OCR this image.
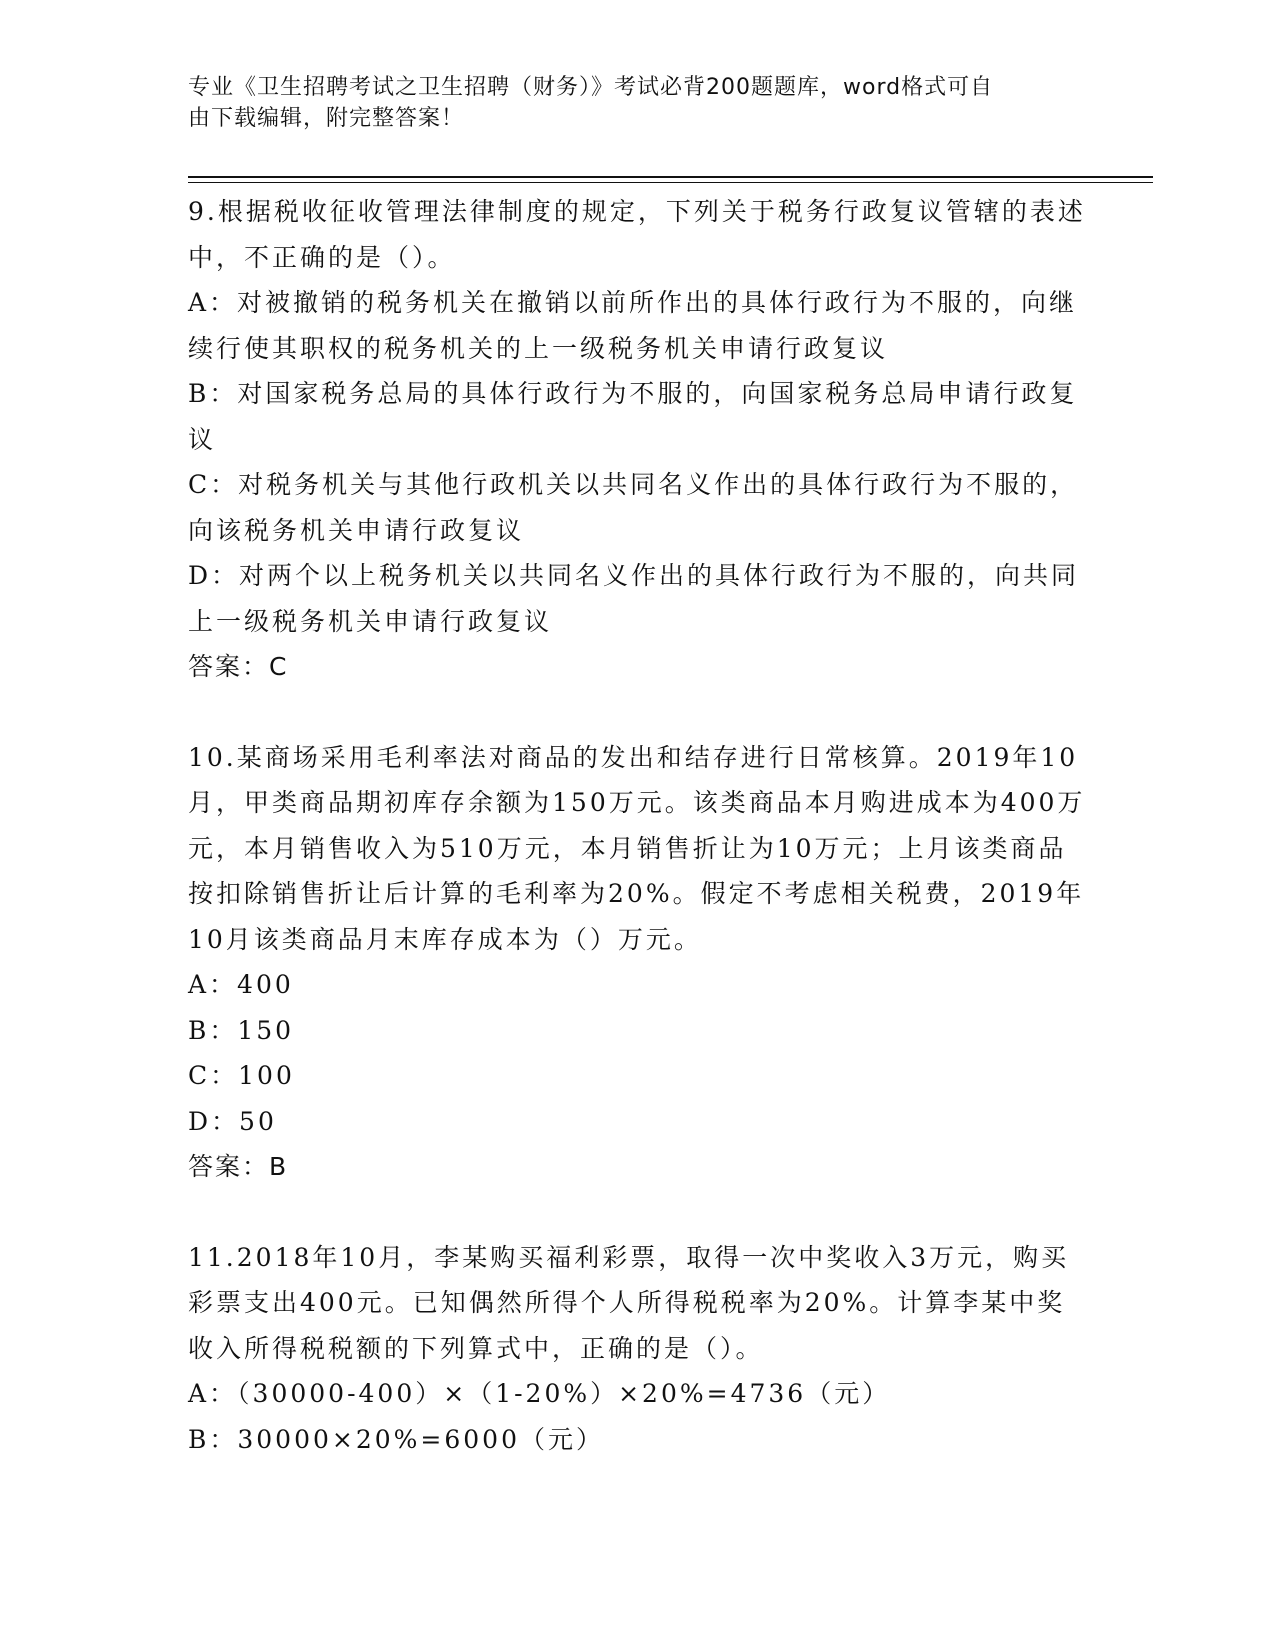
专业《卫生招聘考试之卫生招聘（财务）》考试必背200题题库，word格式可自
由下载编辑，附完整答案！

9.根据税收征收管理法律制度的规定，下列关于税务行政复议管辖的表述中，不正确的是（）。

A：对被撤销的税务机关在撤销以前所作出的具体行政行为不服的，向继续行使其职权的税务机关的上一级税务机关申请行政复议

B：对国家税务总局的具体行政行为不服的，向国家税务总局申请行政复议

C：对税务机关与其他行政机关以共同名义作出的具体行政行为不服的，向该税务机关申请行政复议

D：对两个以上税务机关以共同名义作出的具体行政行为不服的，向共同上一级税务机关申请行政复议

答案：C

10.某商场采用毛利率法对商品的发出和结存进行日常核算。2019年10月，甲类商品期初库存余额为150万元。该类商品本月购进成本为400万元，本月销售收入为510万元，本月销售折让为10万元；上月该类商品按扣除销售折让后计算的毛利率为20%。假定不考虑相关税费，2019年10月该类商品月末库存成本为（）万元。

A：400

B：150

C：100

D：50

答案：B

11.2018年10月，李某购买福利彩票，取得一次中奖收入3万元，购买彩票支出400元。已知偶然所得个人所得税税率为20%。计算李某中奖收入所得税税额的下列算式中，正确的是（）。

A：（30000-400）×（1-20%）×20%=4736（元）

B：30000×20%=6000（元）
